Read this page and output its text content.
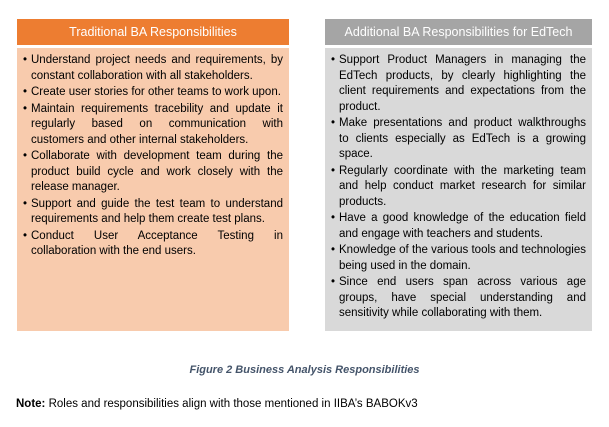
Traditional BA Responsibilities
• Understand project needs and requirements, by constant collaboration with all stakeholders.
• Create user stories for other teams to work upon.
• Maintain requirements tracebility and update it regularly based on communication with customers and other internal stakeholders.
• Collaborate with development team during the product build cycle and work closely with the release manager.
• Support and guide the test team to understand requirements and help them create test plans.
• Conduct User Acceptance Testing in collaboration with the end users.
Additional BA Responsibilities for EdTech
• Support Product Managers in managing the EdTech products, by clearly highlighting the client requirements and expectations from the product.
• Make presentations and product walkthroughs to clients especially as EdTech is a growing space.
• Regularly coordinate with the marketing team and help conduct market research for similar products.
• Have a good knowledge of the education field and engage with teachers and students.
• Knowledge of the various tools and technologies being used in the domain.
• Since end users span across various age groups, have special understanding and sensitivity while collaborating with them.
Figure 2 Business Analysis Responsibilities
Note: Roles and responsibilities align with those mentioned in IIBA’s BABOKv3
